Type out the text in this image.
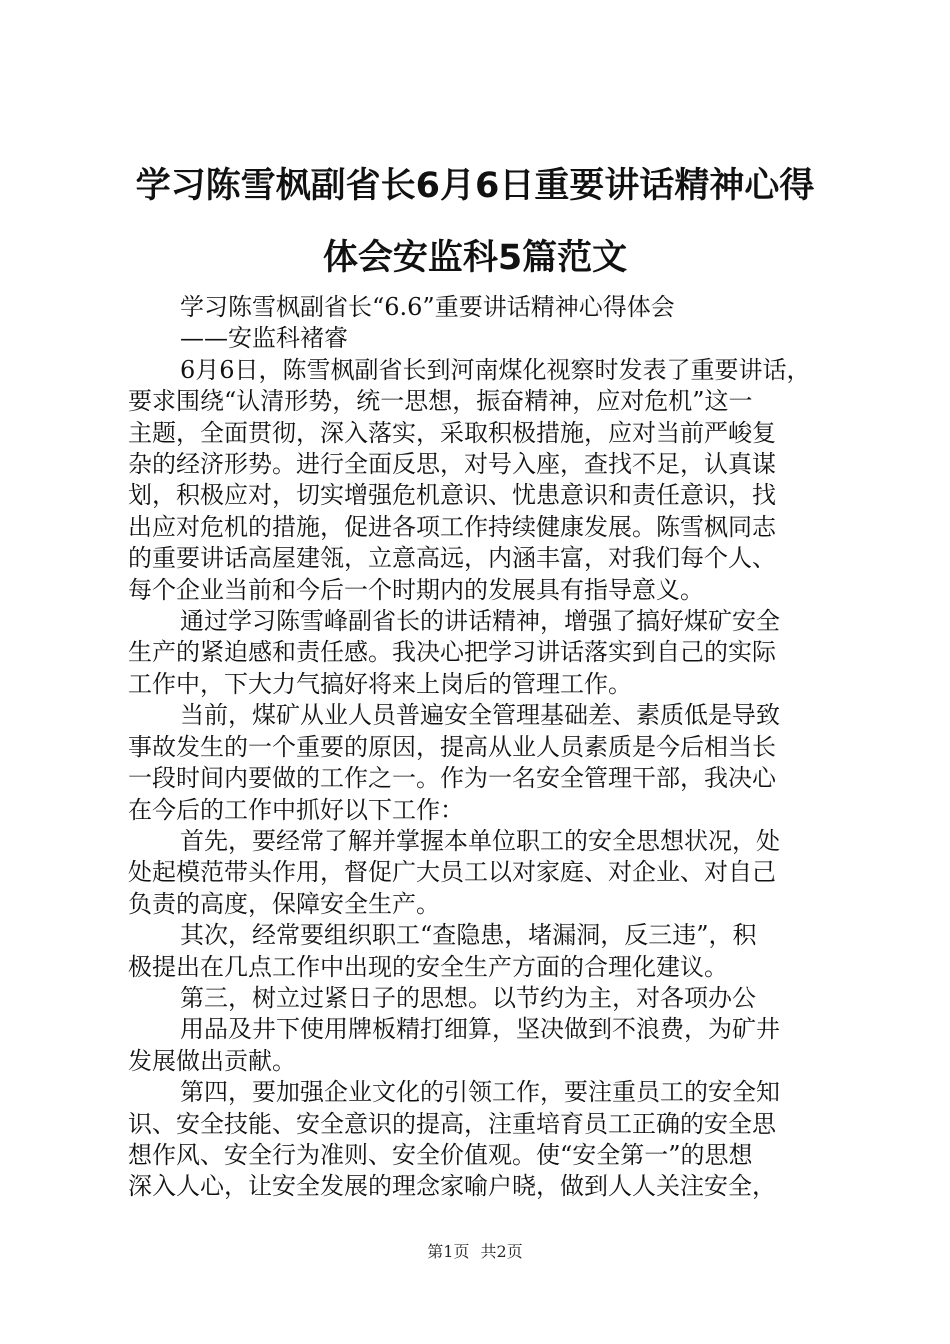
学习陈雪枫副省长6月6日重要讲话精神心得
体会安监科5篇范文

学习陈雪枫副省长“6.6”重要讲话精神心得体会

——安监科褚睿

6月6日，陈雪枫副省长到河南煤化视察时发表了重要讲话，
要求围绕“认清形势，统一思想，振奋精神，应对危机”这一
主题，全面贯彻，深入落实，采取积极措施，应对当前严峻复
杂的经济形势。进行全面反思，对号入座，查找不足，认真谋
划，积极应对，切实增强危机意识、忧患意识和责任意识，找
出应对危机的措施，促进各项工作持续健康发展。陈雪枫同志
的重要讲话高屋建瓴，立意高远，内涵丰富，对我们每个人、
每个企业当前和今后一个时期内的发展具有指导意义。
通过学习陈雪峰副省长的讲话精神，增强了搞好煤矿安全
生产的紧迫感和责任感。我决心把学习讲话落实到自己的实际
工作中，下大力气搞好将来上岗后的管理工作。
当前，煤矿从业人员普遍安全管理基础差、素质低是导致
事故发生的一个重要的原因，提高从业人员素质是今后相当长
一段时间内要做的工作之一。作为一名安全管理干部，我决心
在今后的工作中抓好以下工作：
首先，要经常了解并掌握本单位职工的安全思想状况，处
处起模范带头作用，督促广大员工以对家庭、对企业、对自己
负责的高度，保障安全生产。
其次，经常要组织职工“查隐患，堵漏洞，反三违”，积
极提出在几点工作中出现的安全生产方面的合理化建议。
第三，树立过紧日子的思想。以节约为主，对各项办公
用品及井下使用牌板精打细算，坚决做到不浪费，为矿井
发展做出贡献。
第四，要加强企业文化的引领工作，要注重员工的安全知
识、安全技能、安全意识的提高，注重培育员工正确的安全思
想作风、安全行为准则、安全价值观。使“安全第一”的思想
深入人心，让安全发展的理念家喻户晓，做到人人关注安全，
第1页 共2页
